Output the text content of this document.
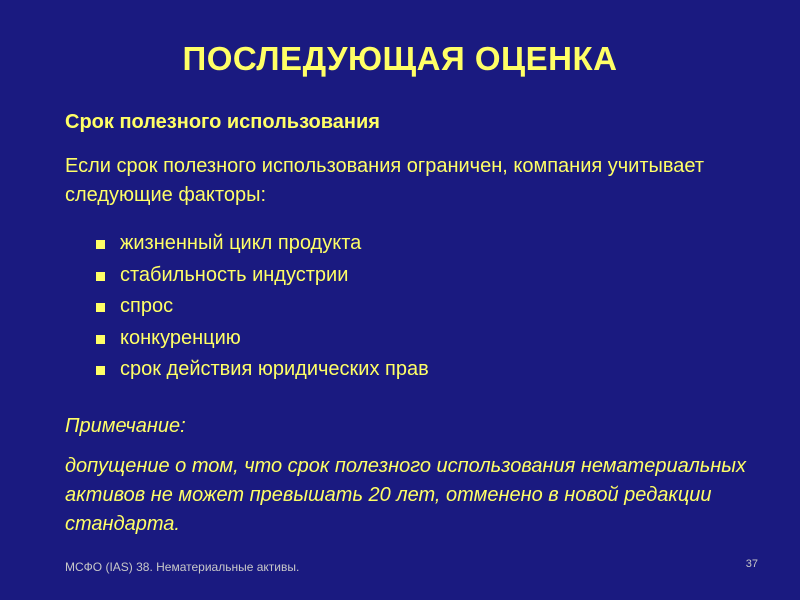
ПОСЛЕДУЮЩАЯ ОЦЕНКА
Срок полезного использования
Если срок полезного использования ограничен, компания учитывает следующие факторы:
жизненный цикл продукта
стабильность индустрии
спрос
конкуренцию
срок действия юридических прав
Примечание:
допущение о том, что срок полезного использования нематериальных активов не может превышать 20 лет, отменено в новой редакции стандарта.
МСФО (IAS) 38. Нематериальные активы.	37
